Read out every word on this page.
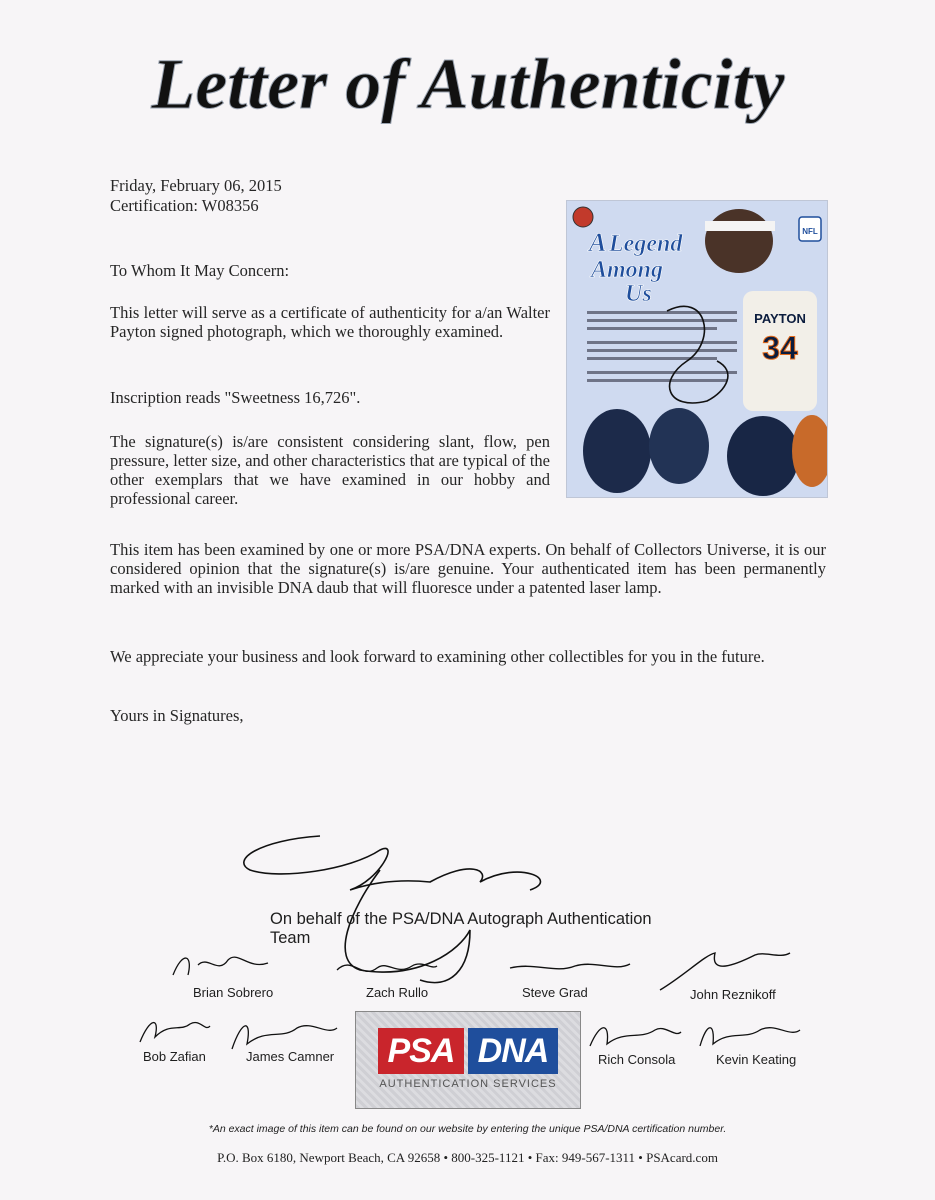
Letter of Authenticity
Friday, February 06, 2015
Certification: W08356
To Whom It May Concern:
This letter will serve as a certificate of authenticity for a/an Walter Payton signed photograph, which we thoroughly examined.
Inscription reads "Sweetness 16,726".
The signature(s) is/are consistent considering slant, flow, pen pressure, letter size, and other characteristics that are typical of the other exemplars that we have examined in our hobby and professional career.
This item has been examined by one or more PSA/DNA experts. On behalf of Collectors Universe, it is our considered opinion that the signature(s) is/are genuine. Your authenticated item has been permanently marked with an invisible DNA daub that will fluoresce under a patented laser lamp.
We appreciate your business and look forward to examining other collectibles for you in the future.
Yours in Signatures,
A Legend
Among
Us
NFL
PAYTON
34
On behalf of the PSA/DNA Autograph Authentication Team
Brian Sobrero	Zach Rullo	Steve Grad	John Reznikoff
Bob Zafian	James Camner	Rich Consola	Kevin Keating
PSA DNA
AUTHENTICATION SERVICES
*An exact image of this item can be found on our website by entering the unique PSA/DNA certification number.
P.O. Box 6180, Newport Beach, CA 92658 • 800-325-1121 • Fax: 949-567-1311 • PSAcard.com
